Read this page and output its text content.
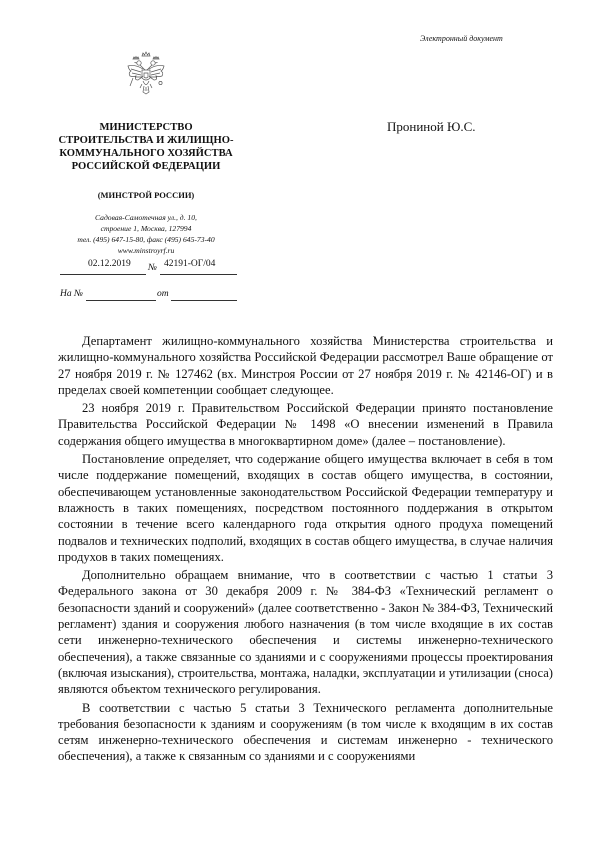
Электронный документ
МИНИСТЕРСТВО
СТРОИТЕЛЬСТВА И ЖИЛИЩНО-
КОММУНАЛЬНОГО ХОЗЯЙСТВА
РОССИЙСКОЙ ФЕДЕРАЦИИ
(МИНСТРОЙ РОССИИ)
Садовая-Самотечная ул., д. 10,
строение 1, Москва, 127994
тел. (495) 647-15-80, факс (495) 645-73-40
www.minstroyrf.ru
02.12.2019 № 42191-ОГ/04
На №	от
Прониной Ю.С.

Департамент жилищно-коммунального хозяйства Министерства строительства и жилищно-коммунального хозяйства Российской Федерации рассмотрел Ваше обращение от 27 ноября 2019 г. № 127462 (вх. Минстроя России от 27 ноября 2019 г. № 42146-ОГ) и в пределах своей компетенции сообщает следующее.

23 ноября 2019 г. Правительством Российской Федерации принято постановление Правительства Российской Федерации № 1498 «О внесении изменений в Правила содержания общего имущества в многоквартирном доме» (далее – постановление).

Постановление определяет, что содержание общего имущества включает в себя в том числе поддержание помещений, входящих в состав общего имущества, в состоянии, обеспечивающем установленные законодательством Российской Федерации температуру и влажность в таких помещениях, посредством постоянного поддержания в открытом состоянии в течение всего календарного года открытия одного продуха помещений подвалов и технических подполий, входящих в состав общего имущества, в случае наличия продухов в таких помещениях.

Дополнительно обращаем внимание, что в соответствии с частью 1 статьи 3 Федерального закона от 30 декабря 2009 г. № 384-ФЗ «Технический регламент о безопасности зданий и сооружений» (далее соответственно - Закон № 384-ФЗ, Технический регламент) здания и сооружения любого назначения (в том числе входящие в их состав сети инженерно-технического обеспечения и системы инженерно-технического обеспечения), а также связанные со зданиями и с сооружениями процессы проектирования (включая изыскания), строительства, монтажа, наладки, эксплуатации и утилизации (сноса) являются объектом технического регулирования.

В соответствии с частью 5 статьи 3 Технического регламента дополнительные требования безопасности к зданиям и сооружениям (в том числе к входящим в их состав сетям инженерно-технического обеспечения и системам инженерно - технического обеспечения), а также к связанным со зданиями и с сооружениями
